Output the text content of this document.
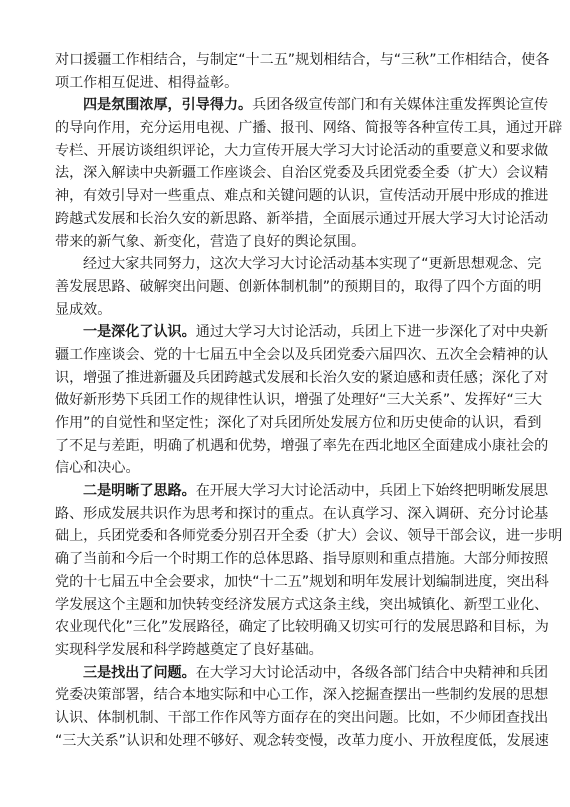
对口援疆工作相结合，与制定“十二五”规划相结合，与“三秋”工作相结合，使各
项工作相互促进、相得益彰。
四是氛围浓厚，引导得力。兵团各级宣传部门和有关媒体注重发挥舆论宣传
的导向作用，充分运用电视、广播、报刊、网络、简报等各种宣传工具，通过开辟
专栏、开展访谈组织评论，大力宣传开展大学习大讨论活动的重要意义和要求做
法，深入解读中央新疆工作座谈会、自治区党委及兵团党委全委（扩大）会议精
神，有效引导对一些重点、难点和关键问题的认识，宣传活动开展中形成的推进
跨越式发展和长治久安的新思路、新举措，全面展示通过开展大学习大讨论活动
带来的新气象、新变化，营造了良好的舆论氛围。
经过大家共同努力，这次大学习大讨论活动基本实现了“更新思想观念、完
善发展思路、破解突出问题、创新体制机制”的预期目的，取得了四个方面的明
显成效。
一是深化了认识。通过大学习大讨论活动，兵团上下进一步深化了对中央新
疆工作座谈会、党的十七届五中全会以及兵团党委六届四次、五次全会精神的认
识，增强了推进新疆及兵团跨越式发展和长治久安的紧迫感和责任感；深化了对
做好新形势下兵团工作的规律性认识，增强了处理好“三大关系”、发挥好“三大
作用”的自觉性和坚定性；深化了对兵团所处发展方位和历史使命的认识，看到
了不足与差距，明确了机遇和优势，增强了率先在西北地区全面建成小康社会的
信心和决心。
二是明晰了思路。在开展大学习大讨论活动中，兵团上下始终把明晰发展思
路、形成发展共识作为思考和探讨的重点。在认真学习、深入调研、充分讨论基
础上，兵团党委和各师党委分别召开全委（扩大）会议、领导干部会议，进一步明
确了当前和今后一个时期工作的总体思路、指导原则和重点措施。大部分师按照
党的十七届五中全会要求，加快“十二五”规划和明年发展计划编制进度，突出科
学发展这个主题和加快转变经济发展方式这条主线，突出城镇化、新型工业化、
农业现代化”三化”发展路径，确定了比较明确又切实可行的发展思路和目标，为
实现科学发展和科学跨越奠定了良好基础。
三是找出了问题。在大学习大讨论活动中，各级各部门结合中央精神和兵团
党委决策部署，结合本地实际和中心工作，深入挖掘查摆出一些制约发展的思想
认识、体制机制、干部工作作风等方面存在的突出问题。比如，不少师团查找出
“三大关系”认识和处理不够好、观念转变慢，改革力度小、开放程度低，发展速
